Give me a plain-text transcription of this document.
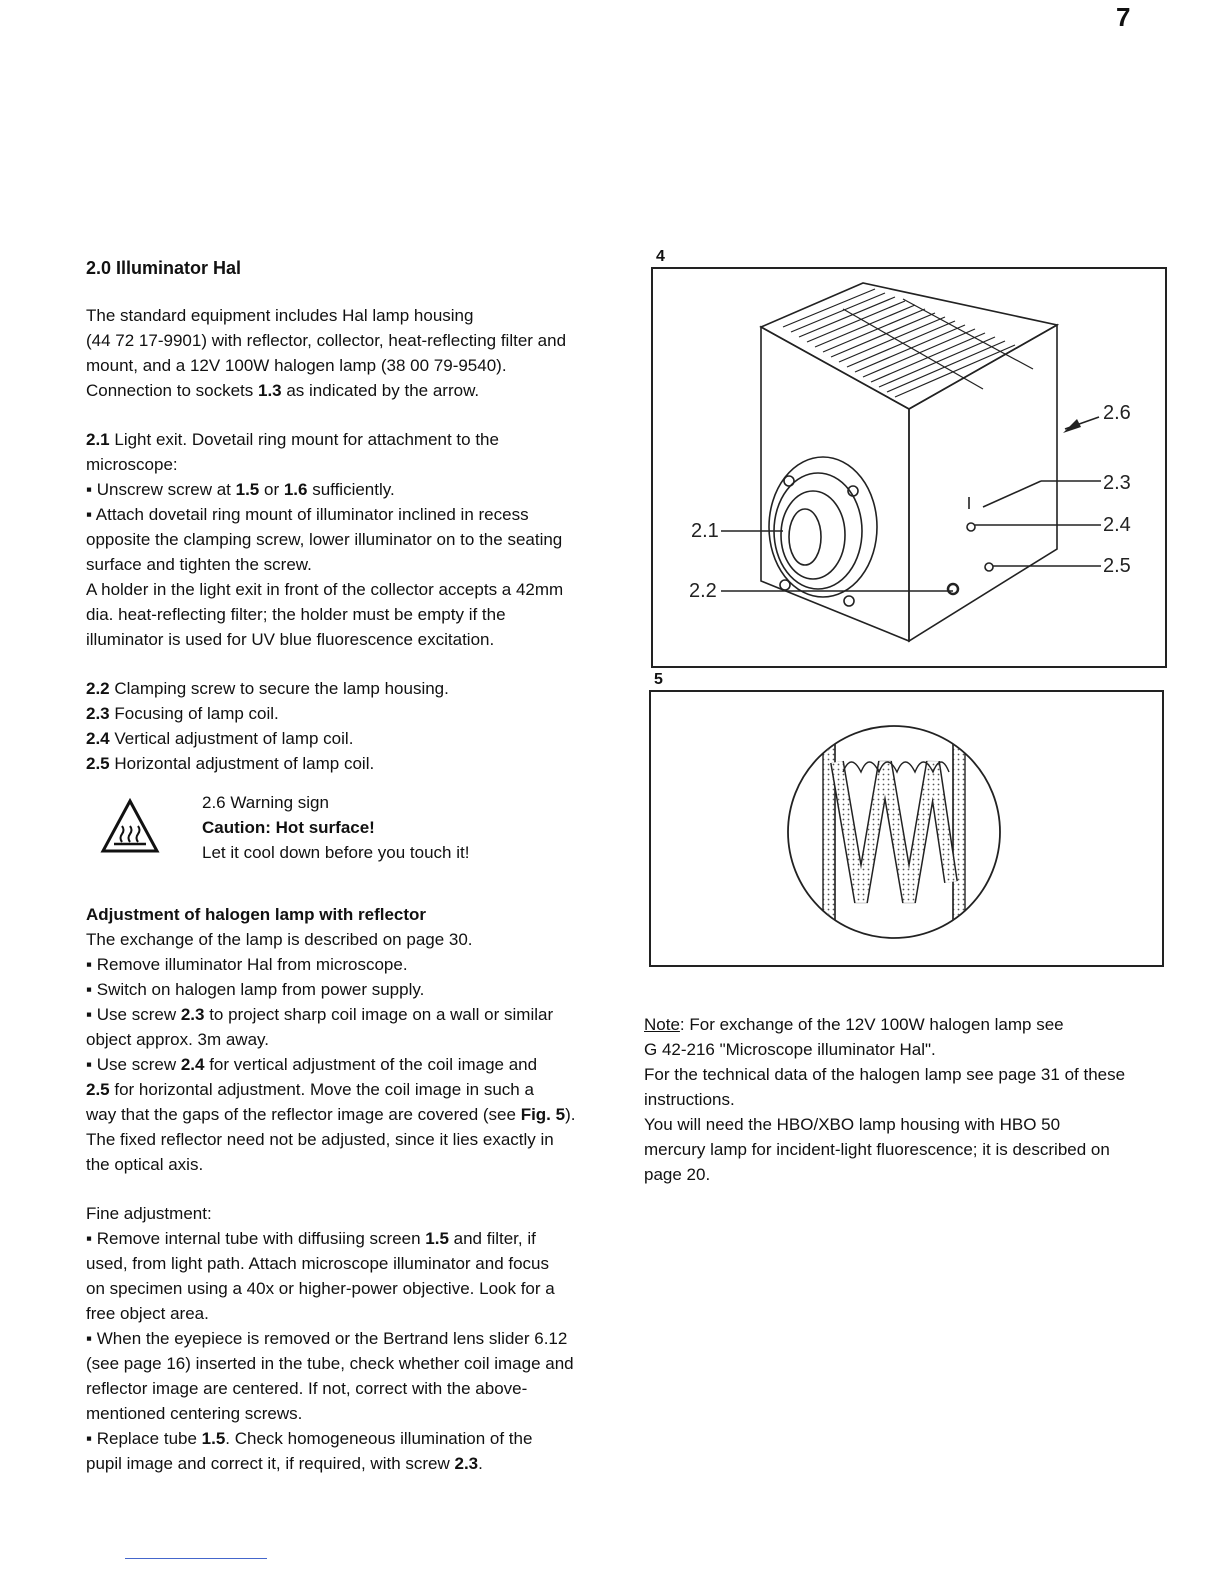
7

2.0 Illuminator Hal

The standard equipment includes Hal lamp housing

(44 72 17-9901) with reflector, collector, heat-reflecting filter and

mount, and a 12V 100W halogen lamp (38 00 79-9540).

Connection to sockets 1.3 as indicated by the arrow.

2.1 Light exit. Dovetail ring mount for attachment to the

microscope:

▪ Unscrew screw at 1.5 or 1.6 sufficiently.

▪ Attach dovetail ring mount of illuminator inclined in recess

opposite the clamping screw, lower illuminator on to the seating

surface and tighten the screw.

A holder in the light exit in front of the collector accepts a 42mm

dia. heat-reflecting filter; the holder must be empty if the

illuminator is used for UV blue fluorescence excitation.

2.2 Clamping screw to secure the lamp housing.

2.3 Focusing of lamp coil.

2.4 Vertical adjustment of lamp coil.

2.5 Horizontal adjustment of lamp coil.

2.6 Warning sign

Caution: Hot surface!

Let it cool down before you touch it!

Adjustment of halogen lamp with reflector

The exchange of the lamp is described on page 30.

▪ Remove illuminator Hal from microscope.

▪ Switch on halogen lamp from power supply.

▪ Use screw 2.3 to project sharp coil image on a wall or similar

object approx. 3m away.

▪ Use screw 2.4 for vertical adjustment of the coil image and

2.5 for horizontal adjustment. Move the coil image in such a

way that the gaps of the reflector image are covered (see Fig. 5).

The fixed reflector need not be adjusted, since it lies exactly in

the optical axis.

Fine adjustment:

▪ Remove internal tube with diffusiing screen 1.5 and filter, if

used, from light path. Attach microscope illuminator and focus

on specimen using a 40x or higher-power objective. Look for a

free object area.

▪ When the eyepiece is removed or the Bertrand lens slider 6.12

(see page 16) inserted in the tube, check whether coil image and

reflector image are centered. If not, correct with the above-

mentioned centering screws.

▪ Replace tube 1.5. Check homogeneous illumination of the

pupil image and correct it, if required, with screw 2.3.

4
2.1
2.2
2.3
2.4
2.5
2.6
5

Note: For exchange of the 12V 100W halogen lamp see

G 42-216 "Microscope illuminator Hal".

For the technical data of the halogen lamp see page 31 of these

instructions.

You will need the HBO/XBO lamp housing with HBO 50

mercury lamp for incident-light fluorescence; it is described on

page 20.
